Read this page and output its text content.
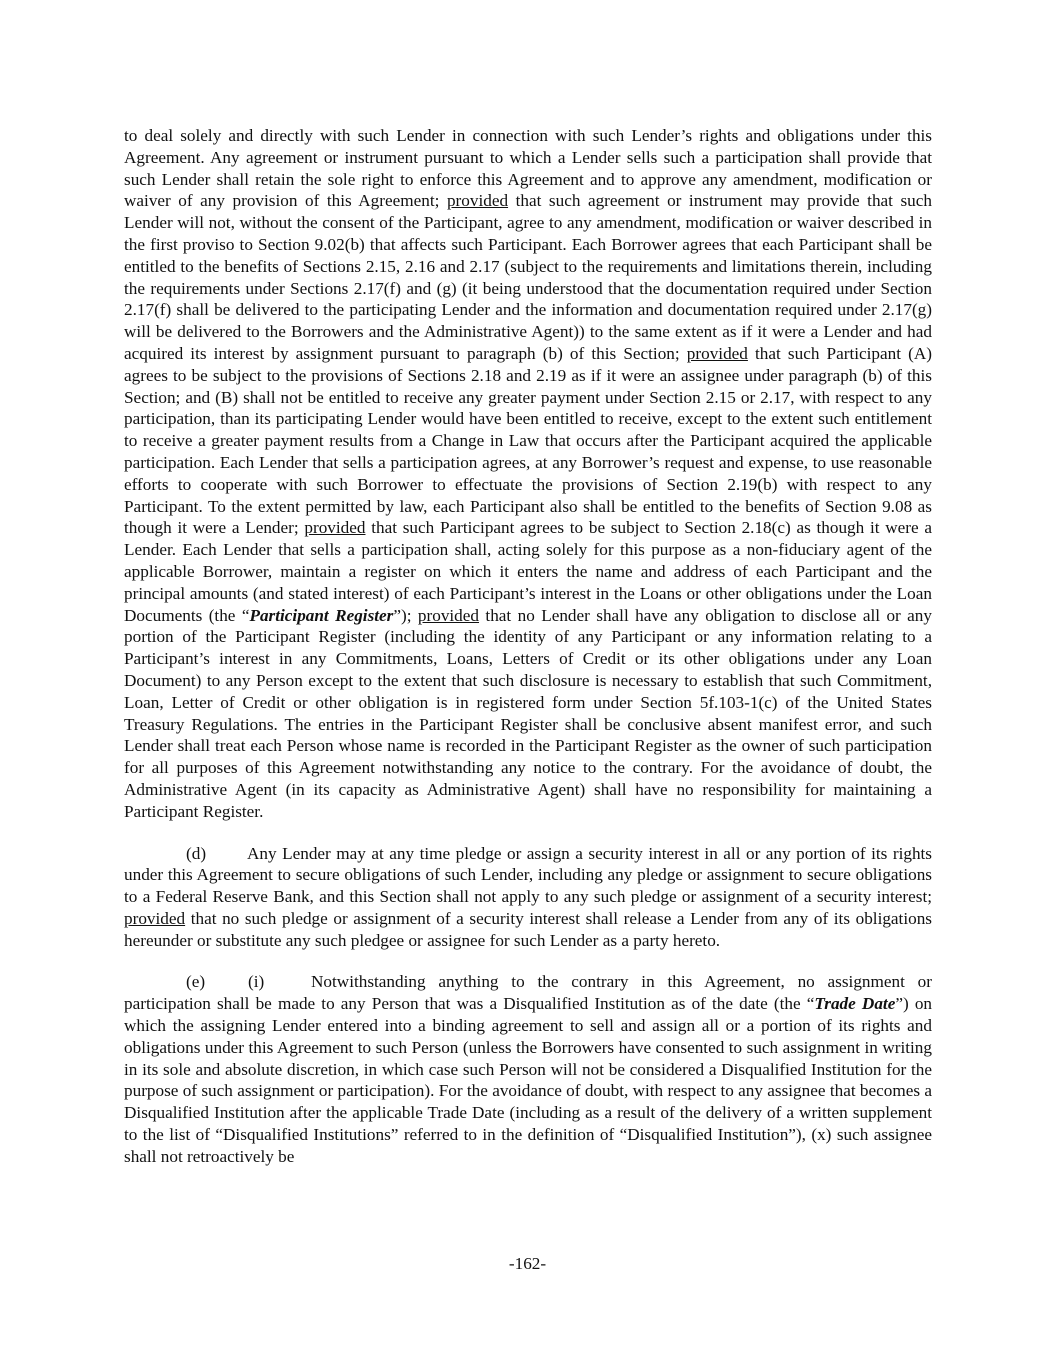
to deal solely and directly with such Lender in connection with such Lender’s rights and obligations under this Agreement. Any agreement or instrument pursuant to which a Lender sells such a participation shall provide that such Lender shall retain the sole right to enforce this Agreement and to approve any amendment, modification or waiver of any provision of this Agreement; provided that such agreement or instrument may provide that such Lender will not, without the consent of the Participant, agree to any amendment, modification or waiver described in the first proviso to Section 9.02(b) that affects such Participant. Each Borrower agrees that each Participant shall be entitled to the benefits of Sections 2.15, 2.16 and 2.17 (subject to the requirements and limitations therein, including the requirements under Sections 2.17(f) and (g) (it being understood that the documentation required under Section 2.17(f) shall be delivered to the participating Lender and the information and documentation required under 2.17(g) will be delivered to the Borrowers and the Administrative Agent)) to the same extent as if it were a Lender and had acquired its interest by assignment pursuant to paragraph (b) of this Section; provided that such Participant (A) agrees to be subject to the provisions of Sections 2.18 and 2.19 as if it were an assignee under paragraph (b) of this Section; and (B) shall not be entitled to receive any greater payment under Section 2.15 or 2.17, with respect to any participation, than its participating Lender would have been entitled to receive, except to the extent such entitlement to receive a greater payment results from a Change in Law that occurs after the Participant acquired the applicable participation. Each Lender that sells a participation agrees, at any Borrower’s request and expense, to use reasonable efforts to cooperate with such Borrower to effectuate the provisions of Section 2.19(b) with respect to any Participant. To the extent permitted by law, each Participant also shall be entitled to the benefits of Section 9.08 as though it were a Lender; provided that such Participant agrees to be subject to Section 2.18(c) as though it were a Lender. Each Lender that sells a participation shall, acting solely for this purpose as a non-fiduciary agent of the applicable Borrower, maintain a register on which it enters the name and address of each Participant and the principal amounts (and stated interest) of each Participant’s interest in the Loans or other obligations under the Loan Documents (the “Participant Register”); provided that no Lender shall have any obligation to disclose all or any portion of the Participant Register (including the identity of any Participant or any information relating to a Participant’s interest in any Commitments, Loans, Letters of Credit or its other obligations under any Loan Document) to any Person except to the extent that such disclosure is necessary to establish that such Commitment, Loan, Letter of Credit or other obligation is in registered form under Section 5f.103-1(c) of the United States Treasury Regulations. The entries in the Participant Register shall be conclusive absent manifest error, and such Lender shall treat each Person whose name is recorded in the Participant Register as the owner of such participation for all purposes of this Agreement notwithstanding any notice to the contrary. For the avoidance of doubt, the Administrative Agent (in its capacity as Administrative Agent) shall have no responsibility for maintaining a Participant Register.

(d) Any Lender may at any time pledge or assign a security interest in all or any portion of its rights under this Agreement to secure obligations of such Lender, including any pledge or assignment to secure obligations to a Federal Reserve Bank, and this Section shall not apply to any such pledge or assignment of a security interest; provided that no such pledge or assignment of a security interest shall release a Lender from any of its obligations hereunder or substitute any such pledgee or assignee for such Lender as a party hereto.

(e) (i)	Notwithstanding anything to the contrary in this Agreement, no assignment or participation shall be made to any Person that was a Disqualified Institution as of the date (the “Trade Date”) on which the assigning Lender entered into a binding agreement to sell and assign all or a portion of its rights and obligations under this Agreement to such Person (unless the Borrowers have consented to such assignment in writing in its sole and absolute discretion, in which case such Person will not be considered a Disqualified Institution for the purpose of such assignment or participation). For the avoidance of doubt, with respect to any assignee that becomes a Disqualified Institution after the applicable Trade Date (including as a result of the delivery of a written supplement to the list of “Disqualified Institutions” referred to in the definition of “Disqualified Institution”), (x) such assignee shall not retroactively be

-162-
